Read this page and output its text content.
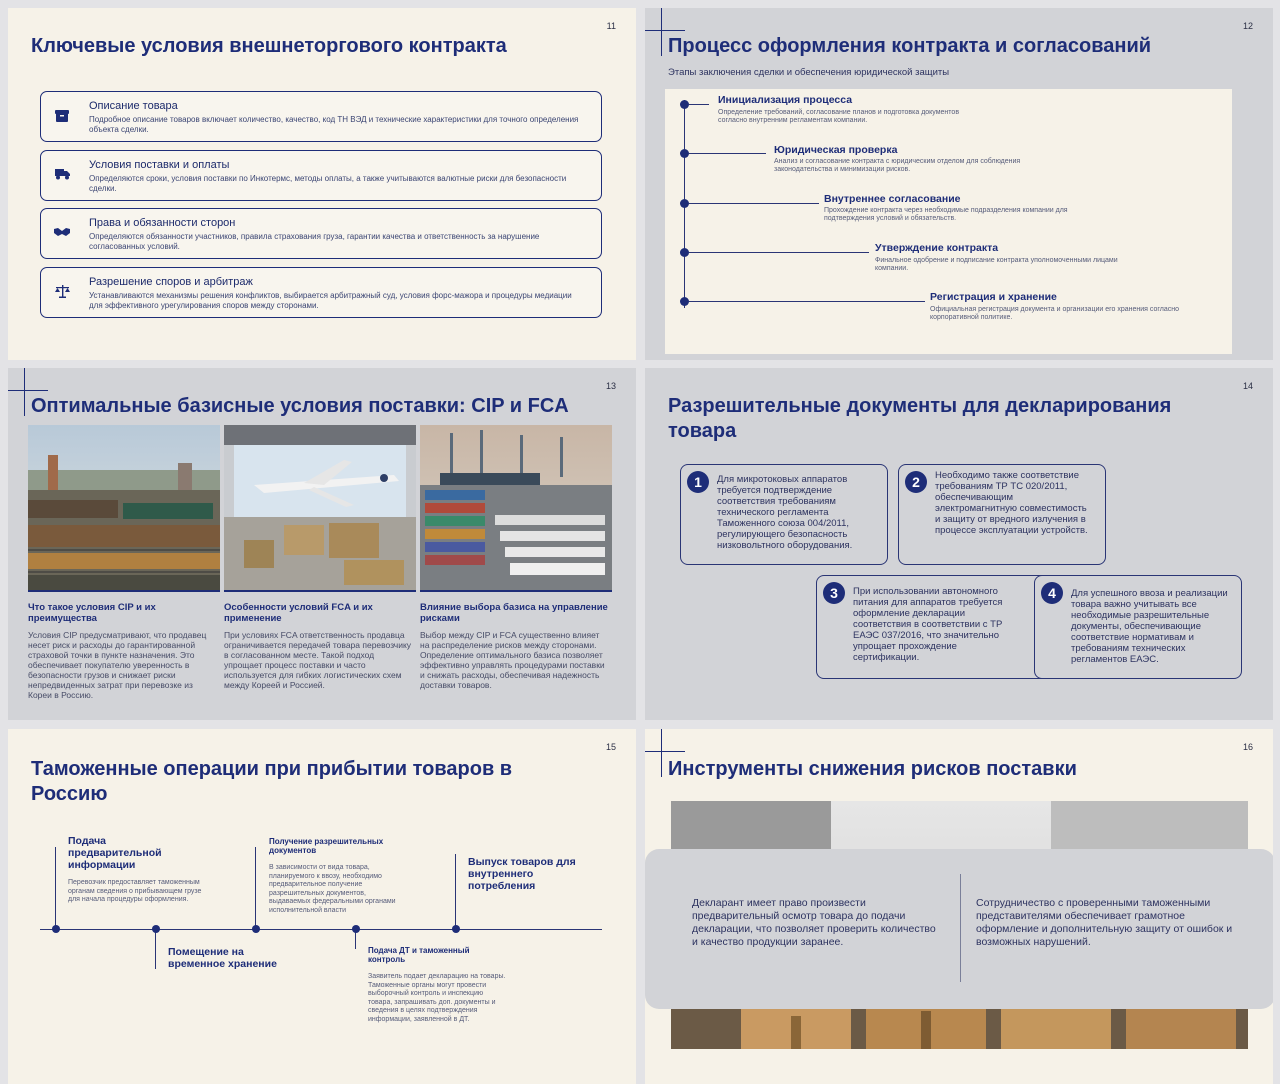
11
Ключевые условия внешнеторгового контракта
Описание товара
Подробное описание товаров включает количество, качество, код ТН ВЭД и технические характеристики для точного определения объекта сделки.
Условия поставки и оплаты
Определяются сроки, условия поставки по Инкотермс, методы оплаты, а также учитываются валютные риски для безопасности сделки.
Права и обязанности сторон
Определяются обязанности участников, правила страхования груза, гарантии качества и ответственность за нарушение согласованных условий.
Разрешение споров и арбитраж
Устанавливаются механизмы решения конфликтов, выбирается арбитражный суд, условия форс-мажора и процедуры медиации для эффективного урегулирования споров между сторонами.
12
Процесс оформления контракта и согласований
Этапы заключения сделки и обеспечения юридической защиты
Инициализация процесса
Определение требований, согласование планов и подготовка документов согласно внутренним регламентам компании.
Юридическая проверка
Анализ и согласование контракта с юридическим отделом для соблюдения законодательства и минимизации рисков.
Внутреннее согласование
Прохождение контракта через необходимые подразделения компании для подтверждения условий и обязательств.
Утверждение контракта
Финальное одобрение и подписание контракта уполномоченными лицами компании.
Регистрация и хранение
Официальная регистрация документа и организации его хранения согласно корпоративной политике.
13
Оптимальные базисные условия поставки: CIP и FCA
Что такое условия CIP и их преимущества
Условия CIP предусматривают, что продавец несет риск и расходы до гарантированной страховой точки в пункте назначения. Это обеспечивает покупателю уверенность в безопасности грузов и снижает риски непредвиденных затрат при перевозке из Кореи в Россию.
Особенности условий FCA и их применение
При условиях FCA ответственность продавца ограничивается передачей товара перевозчику в согласованном месте. Такой подход упрощает процесс поставки и часто используется для гибких логистических схем между Кореей и Россией.
Влияние выбора базиса на управление рисками
Выбор между CIP и FCA существенно влияет на распределение рисков между сторонами. Определение оптимального базиса позволяет эффективно управлять процедурами поставки и снижать расходы, обеспечивая надежность доставки товаров.
14
Разрешительные документы для декларирования товара
1	Для микротоковых аппаратов требуется подтверждение соответствия требованиям технического регламента Таможенного союза 004/2011, регулирующего безопасность низковольтного оборудования.
2	Необходимо также соответствие требованиям ТР ТС 020/2011, обеспечивающим электромагнитную совместимость и защиту от вредного излучения в процессе эксплуатации устройств.
3	При использовании автономного питания для аппаратов требуется оформление декларации соответствия в соответствии с ТР ЕАЭС 037/2016, что значительно упрощает прохождение сертификации.
4	Для успешного ввоза и реализации товара важно учитывать все необходимые разрешительные документы, обеспечивающие соответствие нормативам и требованиям технических регламентов ЕАЭС.
15
Таможенные операции при прибытии товаров в Россию
Подача предварительной информации
Перевозчик предоставляет таможенным органам сведения о прибывающем грузе для начала процедуры оформления.
Помещение на временное хранение
Получение разрешительных документов
В зависимости от вида товара, планируемого к ввозу, необходимо предварительное получение разрешительных документов, выдаваемых федеральными органами исполнительной власти
Подача ДТ и таможенный контроль
Заявитель подает декларацию на товары. Таможенные органы могут провести выборочный контроль и инспекцию товара, запрашивать доп. документы и сведения в целях подтверждения информации, заявленной в ДТ.
Выпуск товаров для внутреннего потребления
16
Инструменты снижения рисков поставки
Декларант имеет право произвести предварительный осмотр товара до подачи декларации, что позволяет проверить количество и качество продукции заранее.
Сотрудничество с проверенными таможенными представителями обеспечивает грамотное оформление и дополнительную защиту от ошибок и возможных нарушений.
